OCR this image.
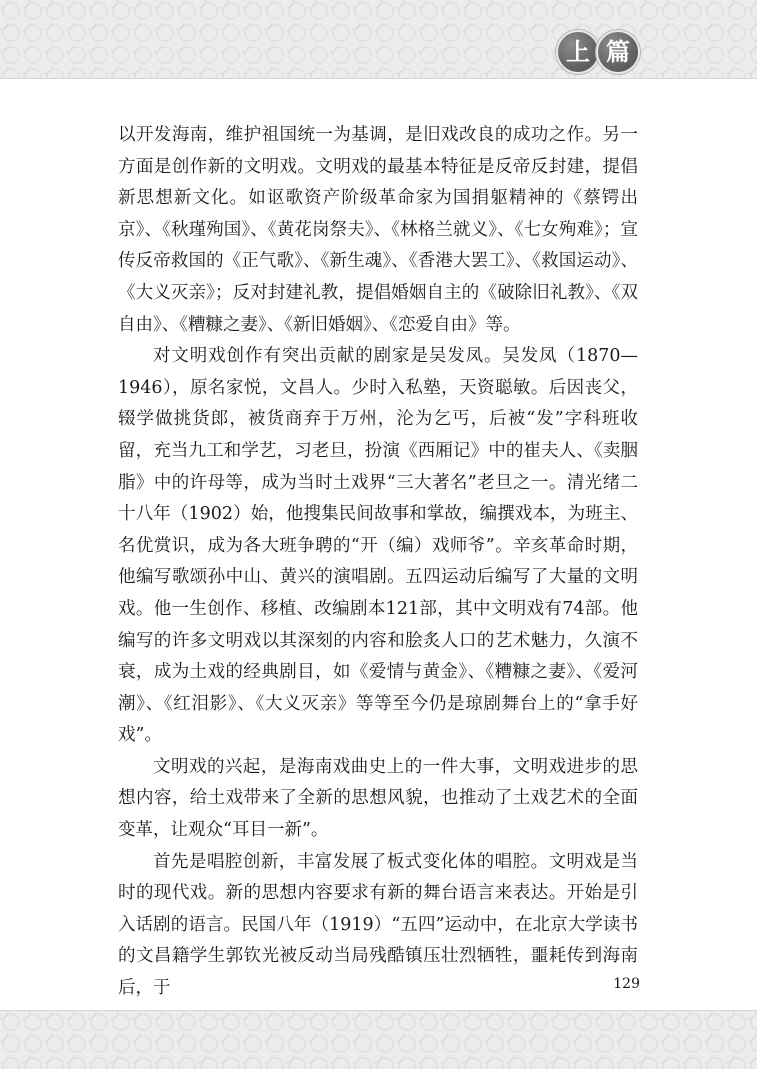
上 篇

以开发海南，维护祖国统一为基调，是旧戏改良的成功之作。另一方面是创作新的文明戏。文明戏的最基本特征是反帝反封建，提倡新思想新文化。如讴歌资产阶级革命家为国捐躯精神的《蔡锷出京》、《秋瑾殉国》、《黄花岗祭夫》、《林格兰就义》、《七女殉难》；宣传反帝救国的《正气歌》、《新生魂》、《香港大罢工》、《救国运动》、《大义灭亲》；反对封建礼教，提倡婚姻自主的《破除旧礼教》、《双自由》、《糟糠之妻》、《新旧婚姻》、《恋爱自由》等。

对文明戏创作有突出贡献的剧家是吴发凤。吴发凤（1870—1946），原名家悦，文昌人。少时入私塾，天资聪敏。后因丧父，辍学做挑货郎，被货商弃于万州，沦为乞丐，后被“发”字科班收留，充当九工和学艺，习老旦，扮演《西厢记》中的崔夫人、《卖胭脂》中的许母等，成为当时土戏界“三大著名”老旦之一。清光绪二十八年（1902）始，他搜集民间故事和掌故，编撰戏本，为班主、名优赏识，成为各大班争聘的“开（编）戏师爷”。辛亥革命时期，他编写歌颂孙中山、黄兴的演唱剧。五四运动后编写了大量的文明戏。他一生创作、移植、改编剧本121部，其中文明戏有74部。他编写的许多文明戏以其深刻的内容和脍炙人口的艺术魅力，久演不衰，成为土戏的经典剧目，如《爱情与黄金》、《糟糠之妻》、《爱河潮》、《红泪影》、《大义灭亲》等等至今仍是琼剧舞台上的“拿手好戏”。

文明戏的兴起，是海南戏曲史上的一件大事，文明戏进步的思想内容，给土戏带来了全新的思想风貌，也推动了土戏艺术的全面变革，让观众“耳目一新”。

首先是唱腔创新，丰富发展了板式变化体的唱腔。文明戏是当时的现代戏。新的思想内容要求有新的舞台语言来表达。开始是引入话剧的语言。民国八年（1919）“五四”运动中，在北京大学读书的文昌籍学生郭钦光被反动当局残酷镇压壮烈牺牲，噩耗传到海南后，于	129
